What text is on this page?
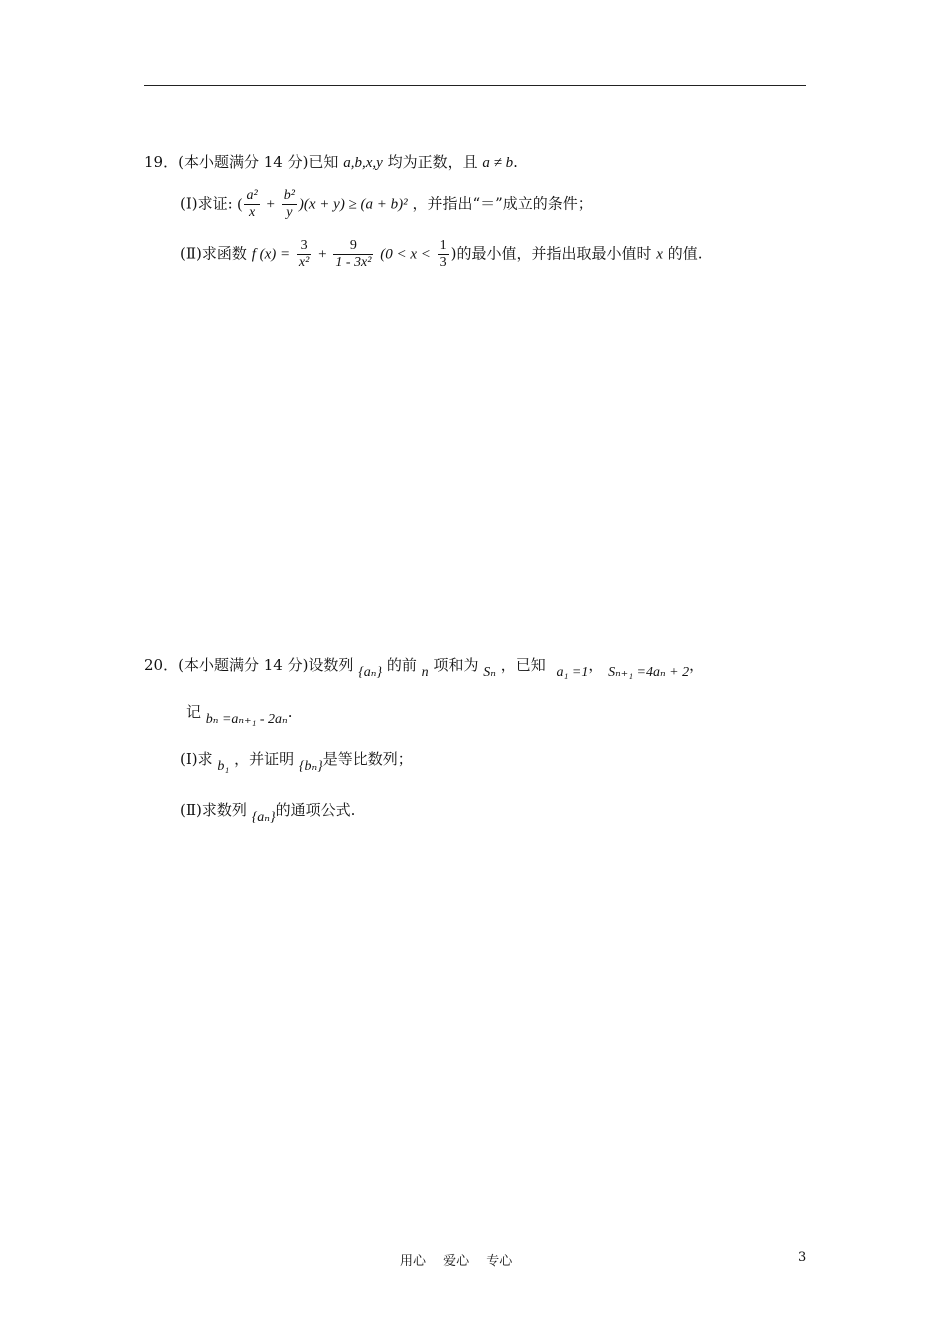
19．(本小题满分 14 分)已知 a,b,x,y 均为正数，且 a ≠ b.
(Ⅰ)求证: ( $\frac{\text{a²}}{x} + \frac{\text{b²}}{y} )(x + y) \ge (a + b)^2$ ，并指出“＝”成立的条件；
(Ⅱ)求函数 f $(x) = \frac{3}{\text{x²}} + \frac{9}{\text{1 - 3x²}} (0 < x < \frac{1}{3}$ )的最小值，并指出取最小值时 x 的值.
20．(本小题满分 14 分)设数列 {aₙ} 的前 n 项和为 Sₙ ，已知 a₁ =1， Sₙ₊₁ =4aₙ + 2，
记 bₙ =aₙ₊₁ - 2aₙ.
(Ⅰ)求 b₁ ，并证明 {bₙ}是等比数列；
(Ⅱ)求数列 {aₙ}的通项公式.
用心　 爱心　 专心	3
